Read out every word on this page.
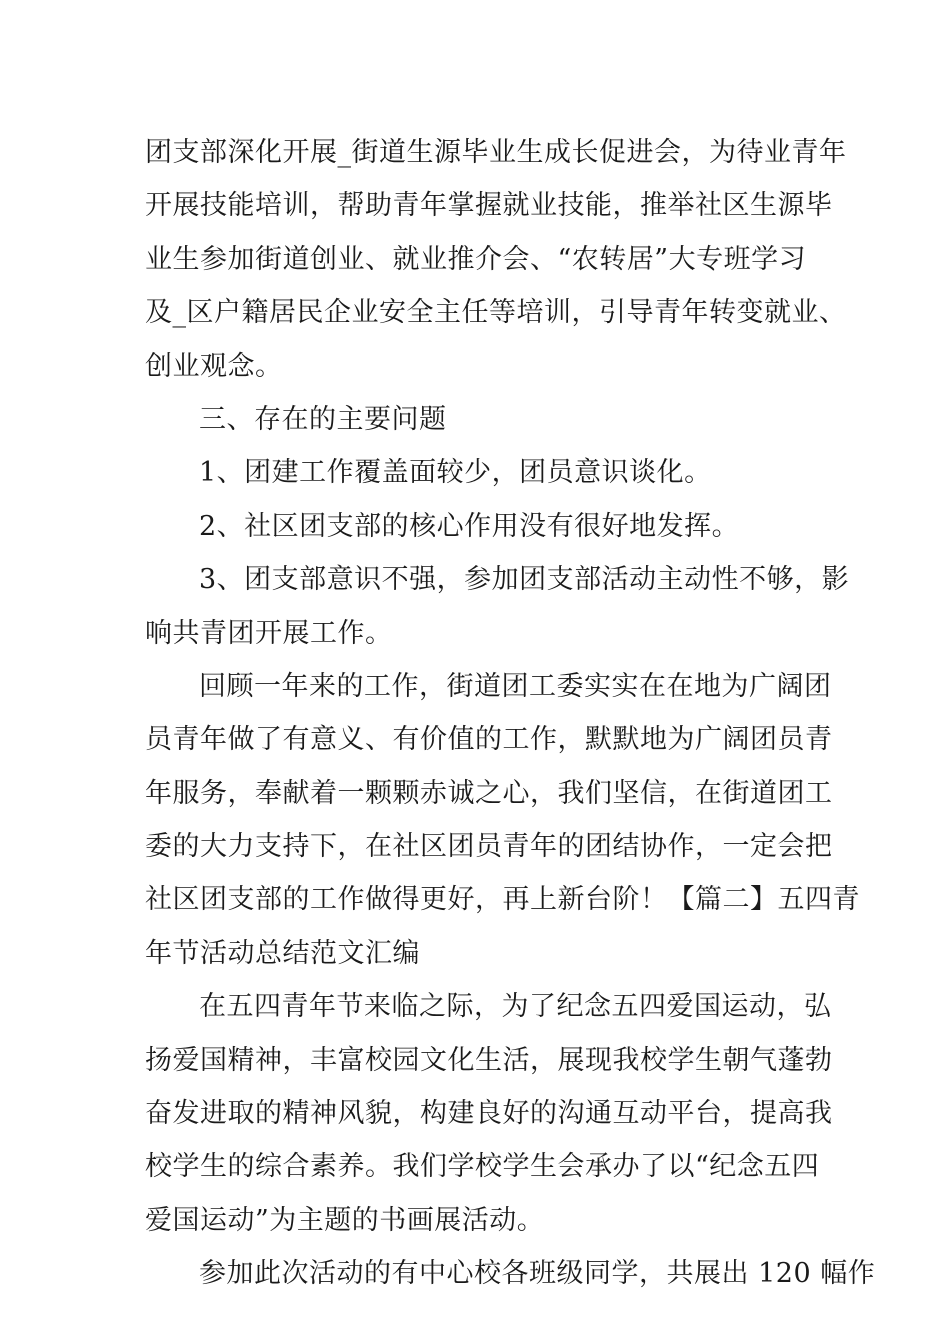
团支部深化开展_街道生源毕业生成长促进会，为待业青年
开展技能培训，帮助青年掌握就业技能，推举社区生源毕
业生参加街道创业、就业推介会、“农转居”大专班学习
及_区户籍居民企业安全主任等培训，引导青年转变就业、
创业观念。
三、存在的主要问题
1、团建工作覆盖面较少，团员意识谈化。
2、社区团支部的核心作用没有很好地发挥。
3、团支部意识不强，参加团支部活动主动性不够，影
响共青团开展工作。
回顾一年来的工作，街道团工委实实在在地为广阔团
员青年做了有意义、有价值的工作，默默地为广阔团员青
年服务，奉献着一颗颗赤诚之心，我们坚信，在街道团工
委的大力支持下，在社区团员青年的团结协作，一定会把
社区团支部的工作做得更好，再上新台阶！【篇二】五四青
年节活动总结范文汇编
在五四青年节来临之际，为了纪念五四爱国运动，弘
扬爱国精神，丰富校园文化生活，展现我校学生朝气蓬勃
奋发进取的精神风貌，构建良好的沟通互动平台，提高我
校学生的综合素养。我们学校学生会承办了以“纪念五四
爱国运动”为主题的书画展活动。
参加此次活动的有中心校各班级同学，共展出 120 幅作
